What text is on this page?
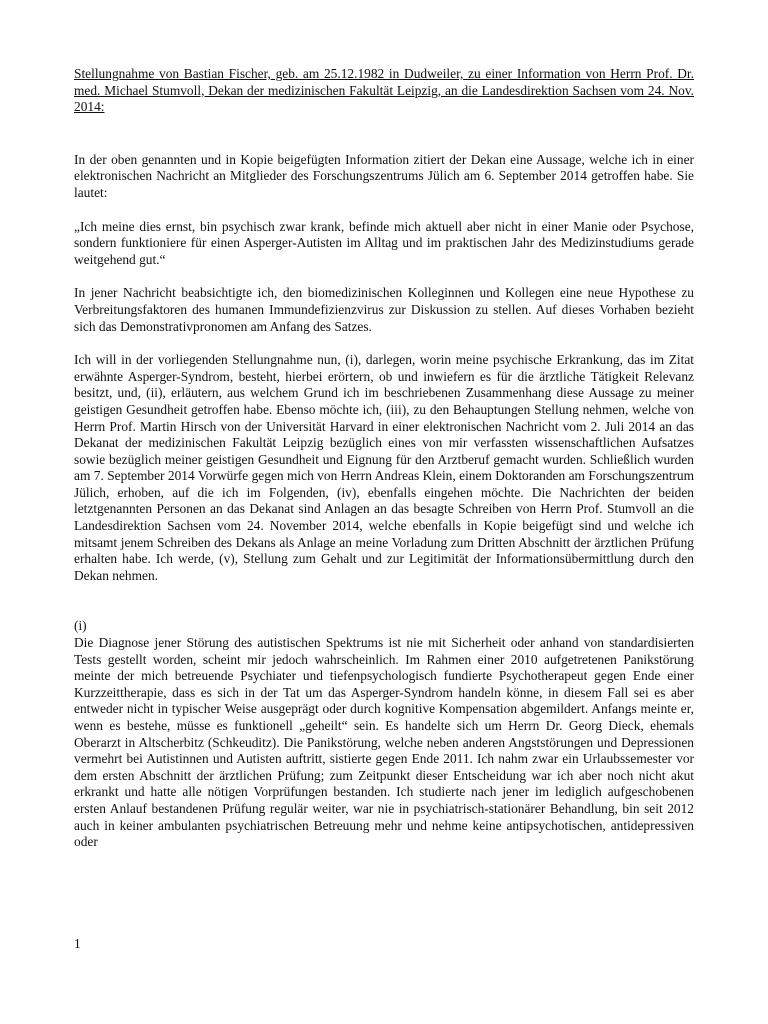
Stellungnahme von Bastian Fischer, geb. am 25.12.1982 in Dudweiler, zu einer Information von Herrn Prof. Dr. med. Michael Stumvoll, Dekan der medizinischen Fakultät Leipzig, an die Landesdirektion Sachsen vom 24. Nov. 2014:

In der oben genannten und in Kopie beigefügten Information zitiert der Dekan eine Aussage, welche ich in einer elektronischen Nachricht an Mitglieder des Forschungszentrums Jülich am 6. September 2014 getroffen habe. Sie lautet:

„Ich meine dies ernst, bin psychisch zwar krank, befinde mich aktuell aber nicht in einer Manie oder Psychose, sondern funktioniere für einen Asperger-Autisten im Alltag und im praktischen Jahr des Medizinstudiums gerade weitgehend gut.“

In jener Nachricht beabsichtigte ich, den biomedizinischen Kolleginnen und Kollegen eine neue Hypothese zu Verbreitungsfaktoren des humanen Immundefizienzvirus zur Diskussion zu stellen. Auf dieses Vorhaben bezieht sich das Demonstrativpronomen am Anfang des Satzes.

Ich will in der vorliegenden Stellungnahme nun, (i), darlegen, worin meine psychische Erkrankung, das im Zitat erwähnte Asperger-Syndrom, besteht, hierbei erörtern, ob und inwiefern es für die ärztliche Tätigkeit Relevanz besitzt, und, (ii), erläutern, aus welchem Grund ich im beschriebenen Zusammenhang diese Aussage zu meiner geistigen Gesundheit getroffen habe. Ebenso möchte ich, (iii), zu den Behauptungen Stellung nehmen, welche von Herrn Prof. Martin Hirsch von der Universität Harvard in einer elektronischen Nachricht vom 2. Juli 2014 an das Dekanat der medizinischen Fakultät Leipzig bezüglich eines von mir verfassten wissenschaftlichen Aufsatzes sowie bezüglich meiner geistigen Gesundheit und Eignung für den Arztberuf gemacht wurden. Schließlich wurden am 7. September 2014 Vorwürfe gegen mich von Herrn Andreas Klein, einem Doktoranden am Forschungszentrum Jülich, erhoben, auf die ich im Folgenden, (iv), ebenfalls eingehen möchte. Die Nachrichten der beiden letztgenannten Personen an das Dekanat sind Anlagen an das besagte Schreiben von Herrn Prof. Stumvoll an die Landesdirektion Sachsen vom 24. November 2014, welche ebenfalls in Kopie beigefügt sind und welche ich mitsamt jenem Schreiben des Dekans als Anlage an meine Vorladung zum Dritten Abschnitt der ärztlichen Prüfung erhalten habe. Ich werde, (v), Stellung zum Gehalt und zur Legitimität der Informationsübermittlung durch den Dekan nehmen.

(i)

Die Diagnose jener Störung des autistischen Spektrums ist nie mit Sicherheit oder anhand von standardisierten Tests gestellt worden, scheint mir jedoch wahrscheinlich. Im Rahmen einer 2010 aufgetretenen Panikstörung meinte der mich betreuende Psychiater und tiefenpsychologisch fundierte Psychotherapeut gegen Ende einer Kurzzeittherapie, dass es sich in der Tat um das Asperger-Syndrom handeln könne, in diesem Fall sei es aber entweder nicht in typischer Weise ausgeprägt oder durch kognitive Kompensation abgemildert. Anfangs meinte er, wenn es bestehe, müsse es funktionell „geheilt“ sein. Es handelte sich um Herrn Dr. Georg Dieck, ehemals Oberarzt in Altscherbitz (Schkeuditz). Die Panikstörung, welche neben anderen Angststörungen und Depressionen vermehrt bei Autistinnen und Autisten auftritt, sistierte gegen Ende 2011. Ich nahm zwar ein Urlaubssemester vor dem ersten Abschnitt der ärztlichen Prüfung; zum Zeitpunkt dieser Entscheidung war ich aber noch nicht akut erkrankt und hatte alle nötigen Vorprüfungen bestanden. Ich studierte nach jener im lediglich aufgeschobenen ersten Anlauf bestandenen Prüfung regulär weiter, war nie in psychiatrisch-stationärer Behandlung, bin seit 2012 auch in keiner ambulanten psychiatrischen Betreuung mehr und nehme keine antipsychotischen, antidepressiven oder

1
